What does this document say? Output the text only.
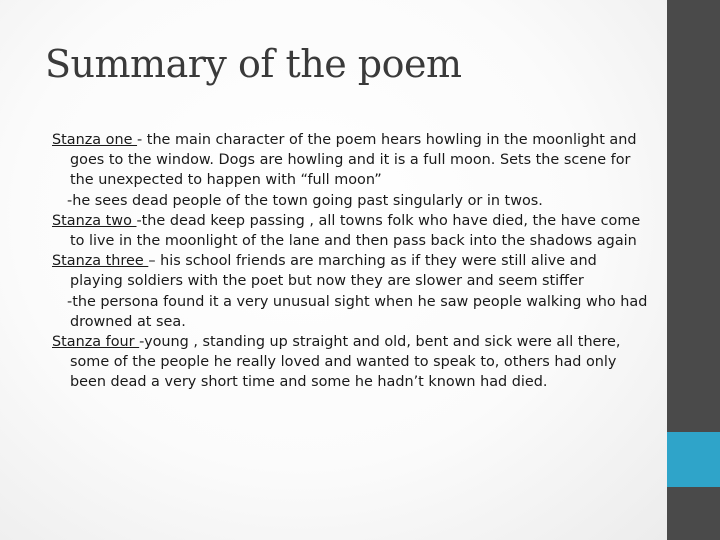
Summary of the poem

Stanza one - the main character of the poem hears howling in the moonlight and goes to the window. Dogs are howling and it is a full moon. Sets the scene for the unexpected to happen with “full moon”

-he sees dead people of the town going past singularly or in twos.

Stanza two -the dead keep passing , all towns folk who have died, the have come to live in the moonlight of the lane and then pass back into the shadows again

Stanza three – his school friends are marching as if they were still alive and playing soldiers with the poet but now they are slower and seem stiffer

-the persona found it a very unusual sight when he saw people walking who had drowned at sea.

Stanza four -young , standing up straight and old, bent and sick were all there, some of the people he really loved and wanted to speak to, others had only been dead a very short time and some he hadn’t known had died.
